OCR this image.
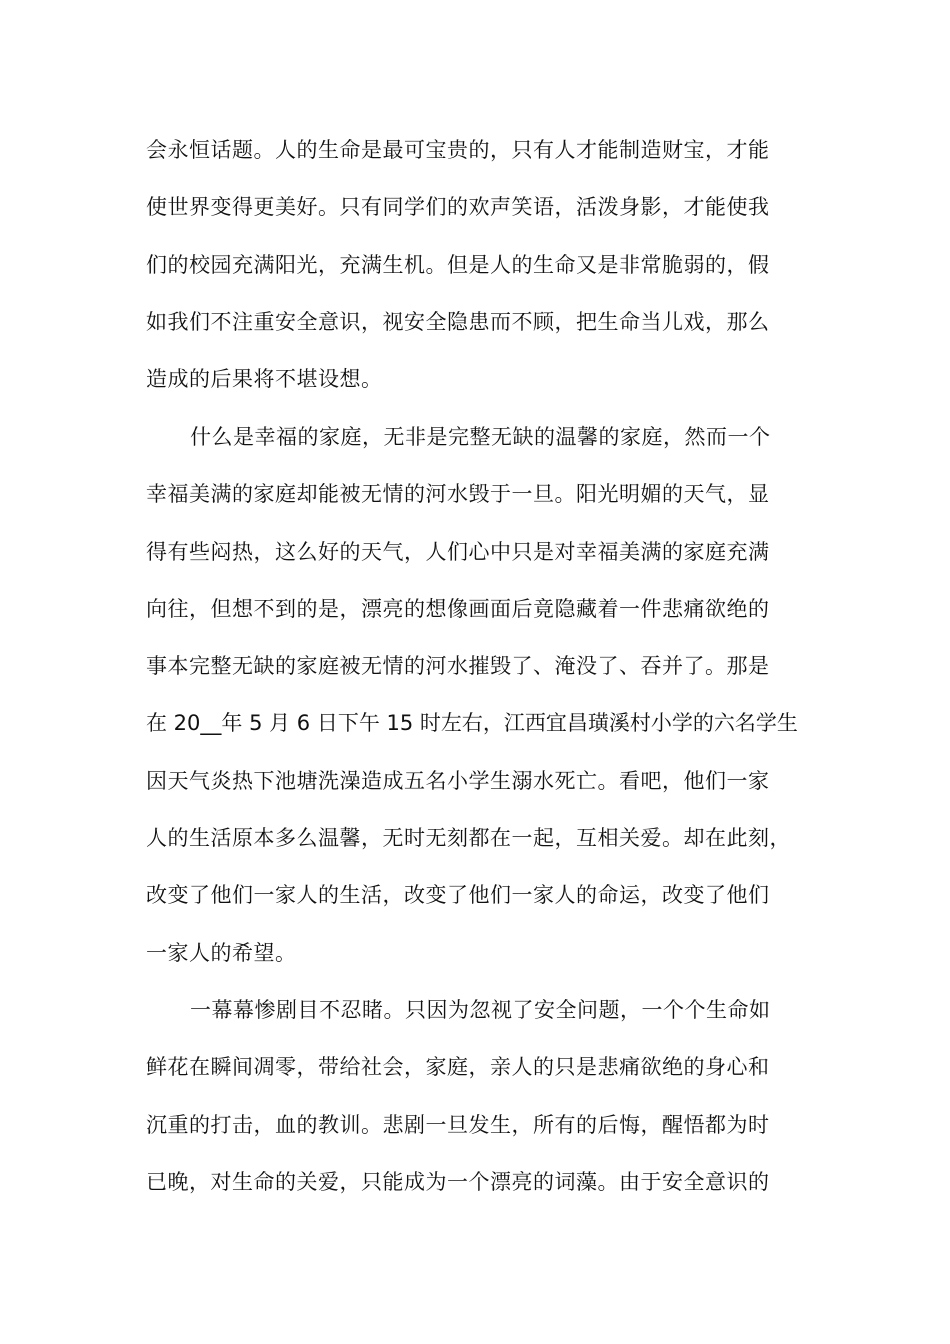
会永恒话题。人的生命是最可宝贵的，只有人才能制造财宝，才能
使世界变得更美好。只有同学们的欢声笑语，活泼身影，才能使我
们的校园充满阳光，充满生机。但是人的生命又是非常脆弱的，假
如我们不注重安全意识，视安全隐患而不顾，把生命当儿戏，那么
造成的后果将不堪设想。
什么是幸福的家庭，无非是完整无缺的温馨的家庭，然而一个
幸福美满的家庭却能被无情的河水毁于一旦。阳光明媚的天气，显
得有些闷热，这么好的天气，人们心中只是对幸福美满的家庭充满
向往，但想不到的是，漂亮的想像画面后竟隐藏着一件悲痛欲绝的
事本完整无缺的家庭被无情的河水摧毁了、淹没了、吞并了。那是
在 20__年 5 月 6 日下午 15 时左右，江西宜昌璜溪村小学的六名学生
因天气炎热下池塘洗澡造成五名小学生溺水死亡。看吧，他们一家
人的生活原本多么温馨，无时无刻都在一起，互相关爱。却在此刻，
改变了他们一家人的生活，改变了他们一家人的命运，改变了他们
一家人的希望。
一幕幕惨剧目不忍睹。只因为忽视了安全问题，一个个生命如
鲜花在瞬间凋零，带给社会，家庭，亲人的只是悲痛欲绝的身心和
沉重的打击，血的教训。悲剧一旦发生，所有的后悔，醒悟都为时
已晚，对生命的关爱，只能成为一个漂亮的词藻。由于安全意识的
